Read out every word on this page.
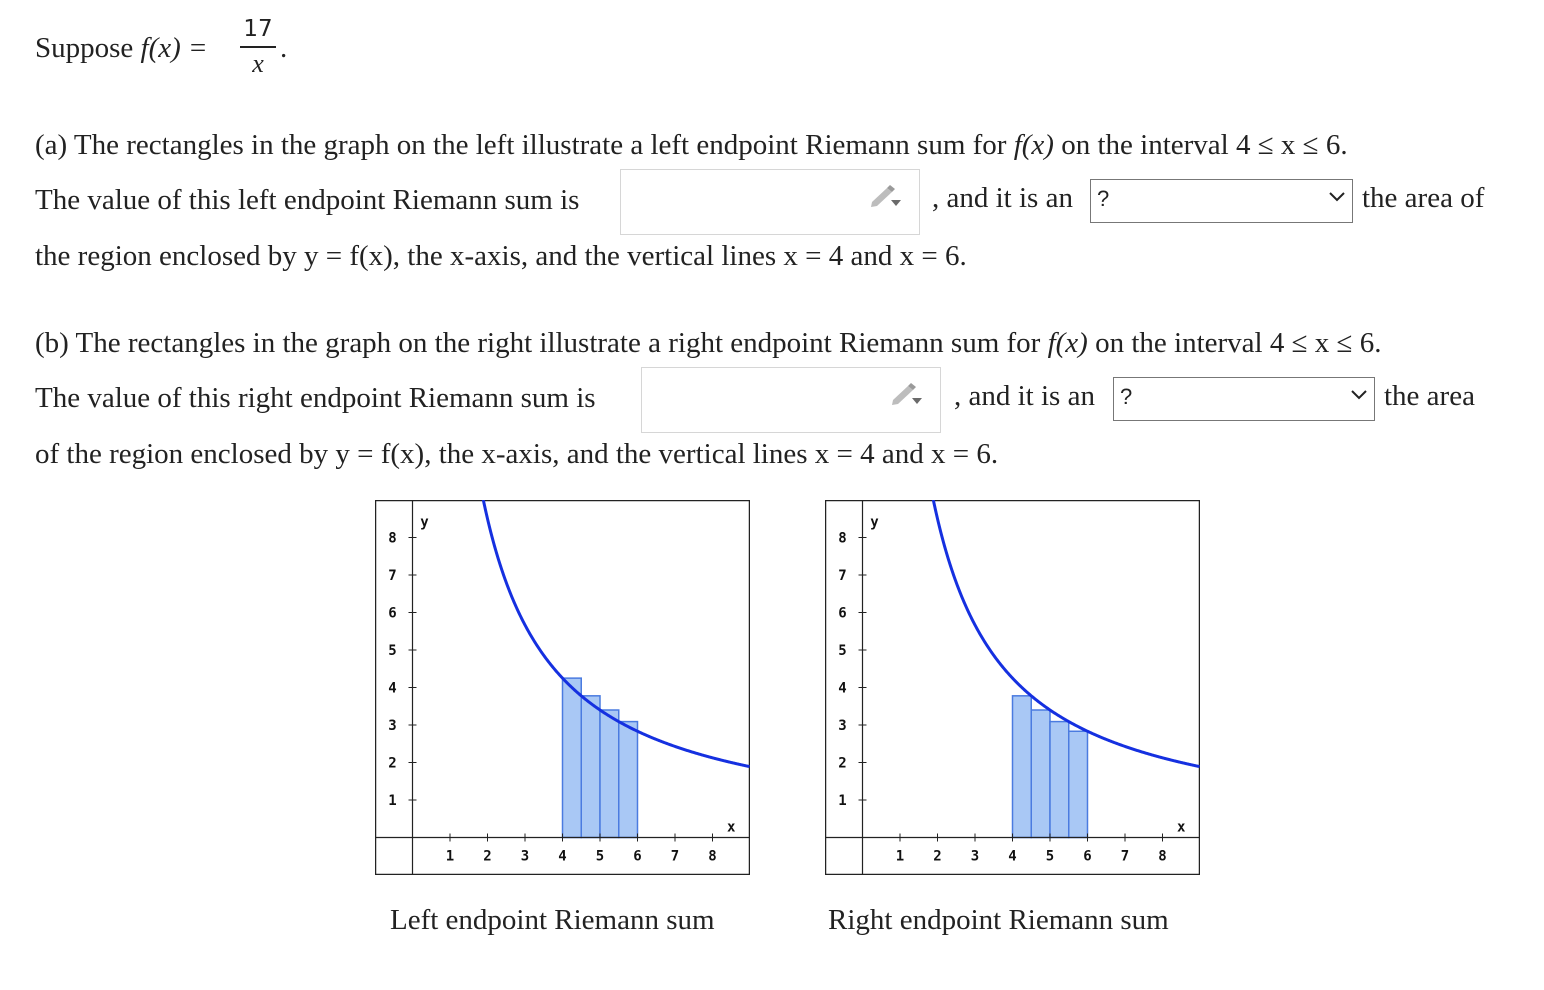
Suppose f(x) =
17
x .
(a) The rectangles in the graph on the left illustrate a left endpoint Riemann sum for f(x) on the interval 4 ≤ x ≤ 6.
The value of this left endpoint Riemann sum is	, and it is an ?	the area of
the region enclosed by y = f(x), the x-axis, and the vertical lines x = 4 and x = 6.
(b) The rectangles in the graph on the right illustrate a right endpoint Riemann sum for f(x) on the interval 4 ≤ x ≤ 6.
The value of this right endpoint Riemann sum is	, and it is an ?	the area
of the region enclosed by y = f(x), the x-axis, and the vertical lines x = 4 and x = 6.
1 2 3 4 5 6 7 8
1
2
3
4
5
6
7
8
x
y
1 2 3 4 5 6 7 8
1
2
3
4
5
6
7
8
x
y
Left endpoint Riemann sum	Right endpoint Riemann sum
